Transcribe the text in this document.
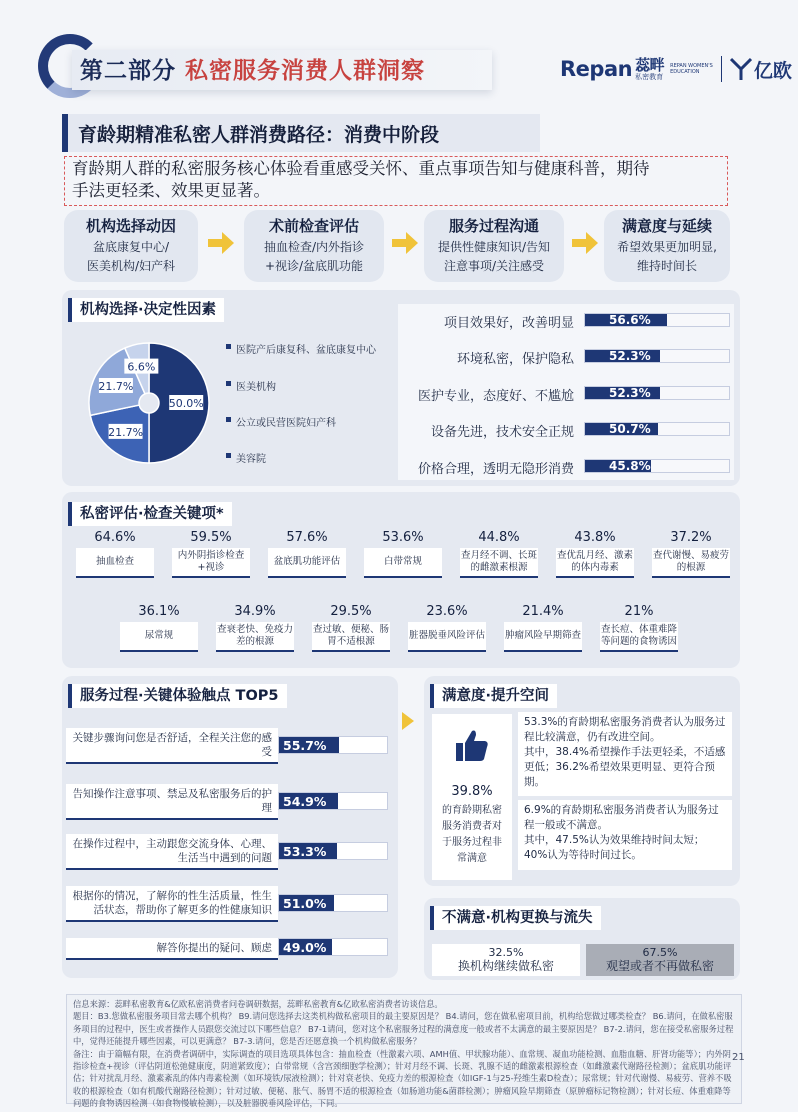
第二部分 私密服务消费人群洞察	Repan 蕊畔
私密教育
REPAN WOMEN'S
EDUCATION	亿欧
育龄期精准私密人群消费路径：消费中阶段
育龄期人群的私密服务核心体验看重感受关怀、重点事项告知与健康科普，期待
手法更轻柔、效果更显著。
机构选择动因
盆底康复中心/
医美机构/妇产科
术前检查评估
抽血检查/内外指诊
+视诊/盆底肌功能
服务过程沟通
提供性健康知识/告知
注意事项/关注感受
满意度与延续
希望效果更加明显,
维持时间长
机构选择·决定性因素
50.0%
21.7%
21.7%
6.6%
医院产后康复科、盆底康复中心
医美机构
公立或民营医院妇产科
美容院
项目效果好，改善明显
环境私密，保护隐私
医护专业，态度好、不尴尬
设备先进，技术安全正规
价格合理，透明无隐形消费
56.6%
52.3%
52.3%
50.7%
45.8%
私密评估·检查关键项*
64.6%
抽血检查
59.5%
内外阴指诊检查+视诊
57.6%
盆底肌功能评估
53.6%
白带常规
44.8%
查月经不调、长斑的雌激素根源
43.8%
查优乱月经、激素的体内毒素
37.2%
查代谢慢、易疲劳的根源
36.1%
尿常规
34.9%
查衰老快、免疫力差的根源
29.5%
查过敏、便秘、肠胃不适根源
23.6%
脏器脱垂风险评估
21.4%
肿瘤风险早期筛查
21%
查长痘、体重难降等问题的食物诱因
服务过程·关键体验触点 TOP5
关键步骤询问您是否舒适，全程关注您的感受 55.7%
告知操作注意事项、禁忌及私密服务后的护理 54.9%
在操作过程中，主动跟您交流身体、心理、生活当中遇到的问题 53.3%
根据你的情况，了解你的性生活质量，性生活状态，帮助你了解更多的性健康知识 51.0%
解答你提出的疑问、顾虑 49.0%
满意度·提升空间
39.8%
的育龄期私密
服务消费者对
于服务过程非
常满意
53.3%的育龄期私密服务消费者认为服务过程比较满意，仍有改进空间。
其中，38.4%希望操作手法更轻柔，不适感更低；36.2%希望效果更明显、更符合预期。
6.9%的育龄期私密服务消费者认为服务过程一般或不满意。
其中，47.5%认为效果维持时间太短；40%认为等待时间过长。
不满意·机构更换与流失
32.5%
换机构继续做私密
67.5%
观望或者不再做私密
信息来源：蕊畔私密教育&亿欧私密消费者问卷调研数据，蕊畔私密教育&亿欧私密消费者访谈信息。
题目：B3.您做私密服务项目常去哪个机构？ B9.请问您选择去这类机构做私密项目的最主要原因是？ B4.请问，您在做私密项目前，机构给您做过哪类检查？ B6.请问，在做私密服务项目的过程中，医生或者操作人员跟您交流过以下哪些信息？ B7-1请问，您对这个私密服务过程的满意度一般或者不太满意的最主要原因是？ B7-2.请问，您在接受私密服务过程中，觉得还能提升哪些因素，可以更满意？ B7-3.请问，您是否还愿意换一个机构做私密服务？
备注：由于篇幅有限，在消费者调研中，实际调查的项目选项具体包含：抽血检查（性激素六项、AMH值、甲状腺功能）、血常规、凝血功能检测、血脂血糖、肝肾功能等）；内外阴指诊检查+视诊（评估阴道松弛健康度，阴道紧致度）；白带常规（含宫颈细胞学检测）；针对月经不调、长斑、乳腺不适的雌激素根源检查（如雌激素代谢路径检测）；盆底肌功能评估；针对扰乱月经、激素紊乱的体内毒素检测（如环境铁/尿液检测）；针对衰老快、免疫力差的根源检查（如IGF-1与25-羟维生素D检查）；尿常规；针对代谢慢、易疲劳、营养不吸收的根源检查（如有机酸代谢路径检测）；针对过敏、便秘、胀气、肠胃不适的根源检查（如肠道功能&菌群检测）；肿瘤风险早期筛查（原肿瘤标记物检测）；针对长痘、体重难降等问题的食物诱因检测（如食物慢敏检测），以及脏器脱垂风险评估，下同。
21
